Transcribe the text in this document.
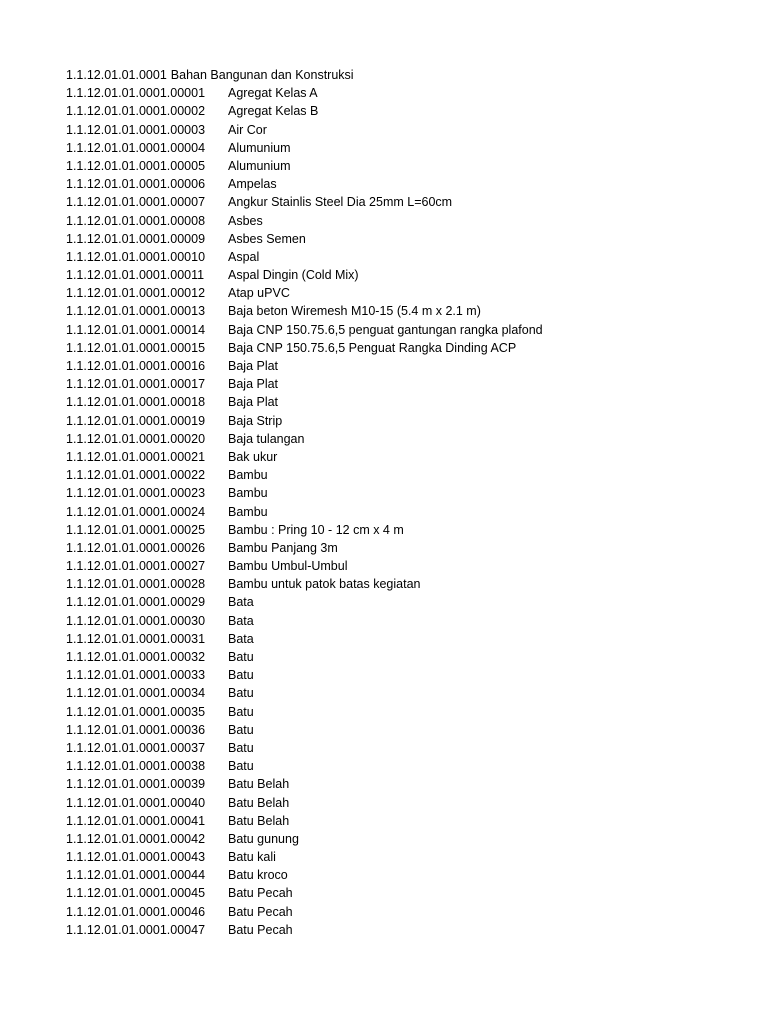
1.1.12.01.01.0001 Bahan Bangunan dan Konstruksi
1.1.12.01.01.0001.00001	Agregat Kelas A
1.1.12.01.01.0001.00002	Agregat Kelas B
1.1.12.01.01.0001.00003	Air Cor
1.1.12.01.01.0001.00004	Alumunium
1.1.12.01.01.0001.00005	Alumunium
1.1.12.01.01.0001.00006	Ampelas
1.1.12.01.01.0001.00007	Angkur Stainlis Steel Dia 25mm L=60cm
1.1.12.01.01.0001.00008	Asbes
1.1.12.01.01.0001.00009	Asbes Semen
1.1.12.01.01.0001.00010	Aspal
1.1.12.01.01.0001.00011	Aspal Dingin (Cold Mix)
1.1.12.01.01.0001.00012	Atap uPVC
1.1.12.01.01.0001.00013	Baja beton Wiremesh M10-15 (5.4 m x 2.1 m)
1.1.12.01.01.0001.00014	Baja CNP 150.75.6,5 penguat gantungan rangka plafond
1.1.12.01.01.0001.00015	Baja CNP 150.75.6,5 Penguat Rangka Dinding ACP
1.1.12.01.01.0001.00016	Baja Plat
1.1.12.01.01.0001.00017	Baja Plat
1.1.12.01.01.0001.00018	Baja Plat
1.1.12.01.01.0001.00019	Baja Strip
1.1.12.01.01.0001.00020	Baja tulangan
1.1.12.01.01.0001.00021	Bak ukur
1.1.12.01.01.0001.00022	Bambu
1.1.12.01.01.0001.00023	Bambu
1.1.12.01.01.0001.00024	Bambu
1.1.12.01.01.0001.00025	Bambu : Pring 10 - 12 cm x 4 m
1.1.12.01.01.0001.00026	Bambu Panjang 3m
1.1.12.01.01.0001.00027	Bambu Umbul-Umbul
1.1.12.01.01.0001.00028	Bambu untuk patok batas kegiatan
1.1.12.01.01.0001.00029	Bata
1.1.12.01.01.0001.00030	Bata
1.1.12.01.01.0001.00031	Bata
1.1.12.01.01.0001.00032	Batu
1.1.12.01.01.0001.00033	Batu
1.1.12.01.01.0001.00034	Batu
1.1.12.01.01.0001.00035	Batu
1.1.12.01.01.0001.00036	Batu
1.1.12.01.01.0001.00037	Batu
1.1.12.01.01.0001.00038	Batu
1.1.12.01.01.0001.00039	Batu Belah
1.1.12.01.01.0001.00040	Batu Belah
1.1.12.01.01.0001.00041	Batu Belah
1.1.12.01.01.0001.00042	Batu gunung
1.1.12.01.01.0001.00043	Batu kali
1.1.12.01.01.0001.00044	Batu kroco
1.1.12.01.01.0001.00045	Batu Pecah
1.1.12.01.01.0001.00046	Batu Pecah
1.1.12.01.01.0001.00047	Batu Pecah
